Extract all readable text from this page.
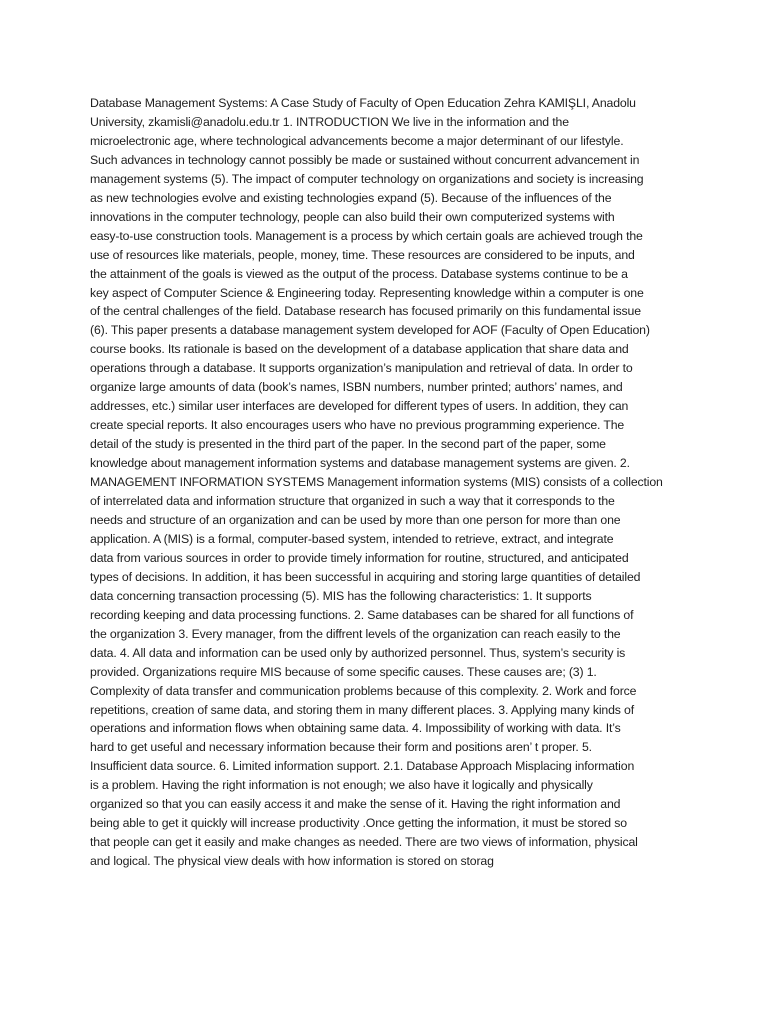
Database Management Systems: A Case Study of Faculty of Open Education Zehra KAMIŞLI, Anadolu
University, zkamisli@anadolu.edu.tr 1. INTRODUCTION We live in the information and the
microelectronic age, where technological advancements become a major determinant of our lifestyle.
Such advances in technology cannot possibly be made or sustained without concurrent advancement in
management systems (5). The impact of computer technology on organizations and society is increasing
as new technologies evolve and existing technologies expand (5). Because of the influences of the
innovations in the computer technology, people can also build their own computerized systems with
easy-to-use construction tools. Management is a process by which certain goals are achieved trough the
use of resources like materials, people, money, time. These resources are considered to be inputs, and
the attainment of the goals is viewed as the output of the process. Database systems continue to be a
key aspect of Computer Science & Engineering today. Representing knowledge within a computer is one
of the central challenges of the field. Database research has focused primarily on this fundamental issue
(6). This paper presents a database management system developed for AOF (Faculty of Open Education)
course books. Its rationale is based on the development of a database application that share data and
operations through a database. It supports organization’s manipulation and retrieval of data. In order to
organize large amounts of data (book’s names, ISBN numbers, number printed; authors’ names, and
addresses, etc.) similar user interfaces are developed for different types of users. In addition, they can
create special reports. It also encourages users who have no previous programming experience. The
detail of the study is presented in the third part of the paper. In the second part of the paper, some
knowledge about management information systems and database management systems are given. 2.
MANAGEMENT INFORMATION SYSTEMS Management information systems (MIS) consists of a collection
of interrelated data and information structure that organized in such a way that it corresponds to the
needs and structure of an organization and can be used by more than one person for more than one
application. A (MIS) is a formal, computer-based system, intended to retrieve, extract, and integrate
data from various sources in order to provide timely information for routine, structured, and anticipated
types of decisions. In addition, it has been successful in acquiring and storing large quantities of detailed
data concerning transaction processing (5). MIS has the following characteristics: 1. It supports
recording keeping and data processing functions. 2. Same databases can be shared for all functions of
the organization 3. Every manager, from the diffrent levels of the organization can reach easily to the
data. 4. All data and information can be used only by authorized personnel. Thus, system’s security is
provided. Organizations require MIS because of some specific causes. These causes are; (3) 1.
Complexity of data transfer and communication problems because of this complexity. 2. Work and force
repetitions, creation of same data, and storing them in many different places. 3. Applying many kinds of
operations and information flows when obtaining same data. 4. Impossibility of working with data. It’s
hard to get useful and necessary information because their form and positions aren’ t proper. 5.
Insufficient data source. 6. Limited information support. 2.1. Database Approach Misplacing information
is a problem. Having the right information is not enough; we also have it logically and physically
organized so that you can easily access it and make the sense of it. Having the right information and
being able to get it quickly will increase productivity .Once getting the information, it must be stored so
that people can get it easily and make changes as needed. There are two views of information, physical
and logical. The physical view deals with how information is stored on storag
